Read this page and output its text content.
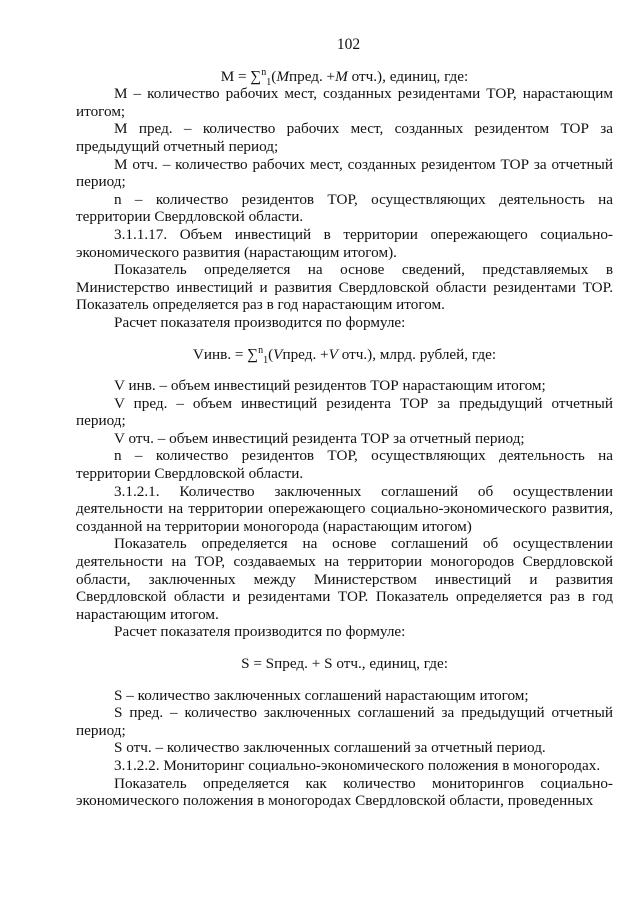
102
M = ∑$^n_1$(Mпред. +M отч.), единиц, где:

M – количество рабочих мест, созданных резидентами ТОР, нарастающим итогом;

M пред. – количество рабочих мест, созданных резидентом ТОР за предыдущий отчетный период;

M отч. – количество рабочих мест, созданных резидентом ТОР за отчетный период;

n – количество резидентов ТОР, осуществляющих деятельность на территории Свердловской области.

3.1.1.17. Объем инвестиций в территории опережающего социально-экономического развития (нарастающим итогом).

Показатель определяется на основе сведений, представляемых в Министерство инвестиций и развития Свердловской области резидентами ТОР. Показатель определяется раз в год нарастающим итогом.

Расчет показателя производится по формуле:

Vинв. = ∑$^n_1$(Vпред. +V отч.), млрд. рублей, где:

V инв. – объем инвестиций резидентов ТОР нарастающим итогом;

V пред. – объем инвестиций резидента ТОР за предыдущий отчетный период;

V отч. – объем инвестиций резидента ТОР за отчетный период;

n – количество резидентов ТОР, осуществляющих деятельность на территории Свердловской области.

3.1.2.1. Количество заключенных соглашений об осуществлении деятельности на территории опережающего социально-экономического развития, созданной на территории моногорода (нарастающим итогом)

Показатель определяется на основе соглашений об осуществлении деятельности на ТОР, создаваемых на территории моногородов Свердловской области, заключенных между Министерством инвестиций и развития Свердловской области и резидентами ТОР. Показатель определяется раз в год нарастающим итогом.

Расчет показателя производится по формуле:

S = Sпред. + S отч., единиц, где:

S – количество заключенных соглашений нарастающим итогом;

S пред. – количество заключенных соглашений за предыдущий отчетный период;

S отч. – количество заключенных соглашений за отчетный период.

3.1.2.2. Мониторинг социально-экономического положения в моногородах.

Показатель определяется как количество мониторингов социально-экономического положения в моногородах Свердловской области, проведенных
